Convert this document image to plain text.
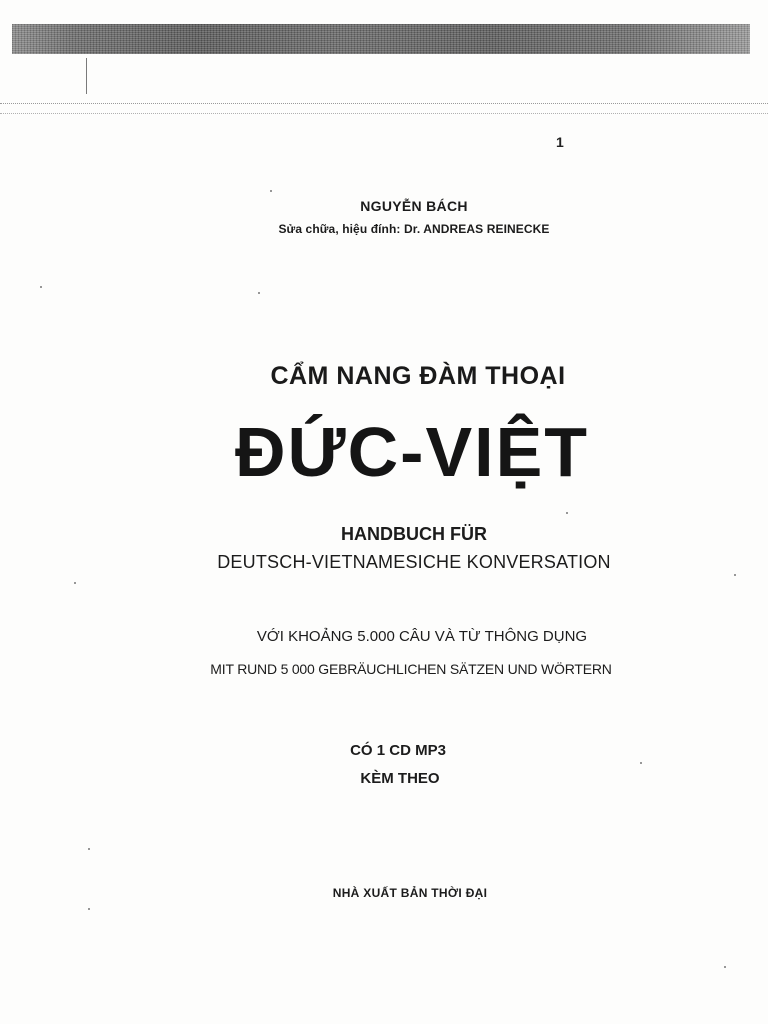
1
NGUYỄN BÁCH
Sửa chữa, hiệu đính: Dr. ANDREAS REINECKE
CẨM NANG ĐÀM THOẠI
ĐỨC-VIỆT
HANDBUCH FÜR
DEUTSCH-VIETNAMESICHE KONVERSATION
VỚI KHOẢNG 5.000 CÂU VÀ TỪ THÔNG DỤNG
MIT RUND 5 000 GEBRÄUCHLICHEN SÄTZEN UND WÖRTERN
CÓ 1 CD MP3
KÈM THEO
NHÀ XUẤT BẢN THỜI ĐẠI
